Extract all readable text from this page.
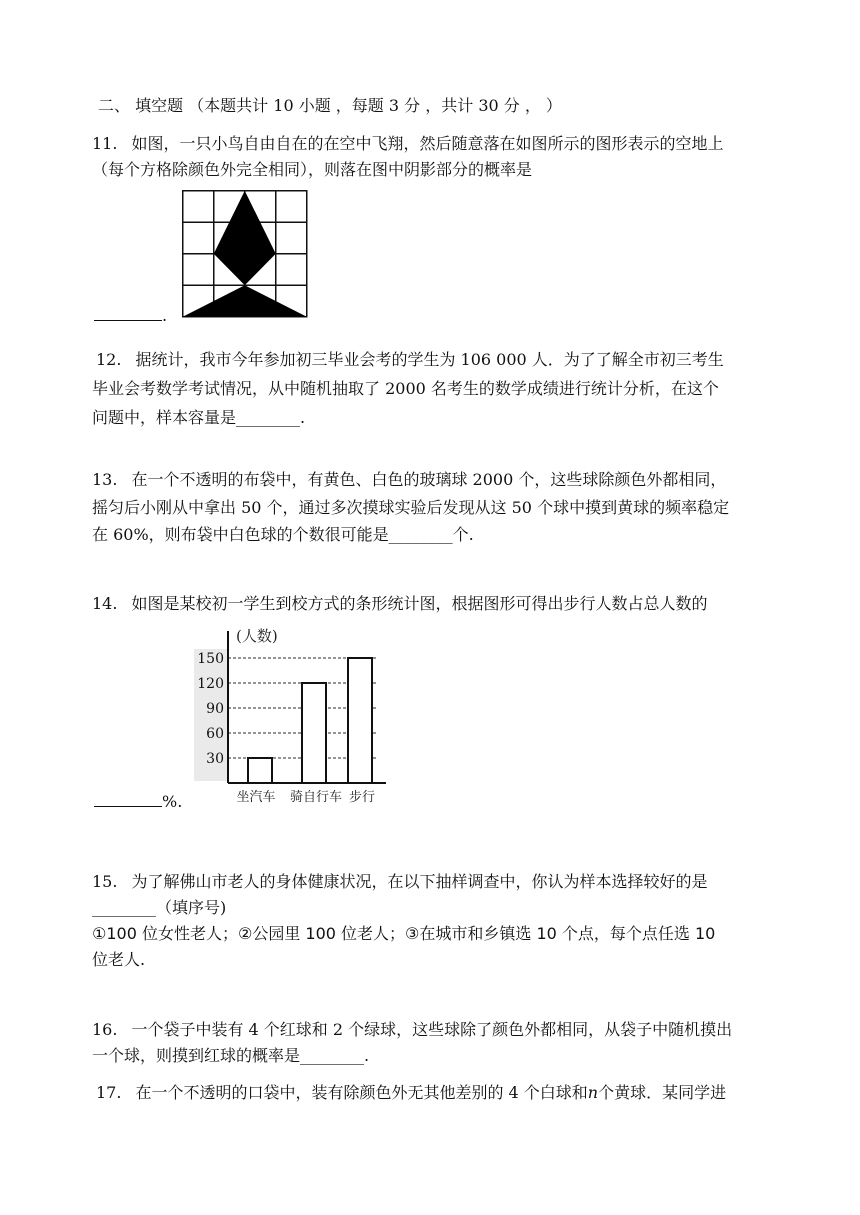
二、 填空题 （本题共计 10 小题 ，每题 3 分 ，共计 30 分 ， ）
11. 如图，一只小鸟自由自在的在空中飞翔，然后随意落在如图所示的图形表示的空地上
（每个方格除颜色外完全相同），则落在图中阴影部分的概率是
.
12. 据统计，我市今年参加初三毕业会考的学生为 106 000 人．为了了解全市初三考生
毕业会考数学考试情况，从中随机抽取了 2000 名考生的数学成绩进行统计分析，在这个
问题中，样本容量是________.
13. 在一个不透明的布袋中，有黄色、白色的玻璃球 2000 个，这些球除颜色外都相同，
摇匀后小刚从中拿出 50 个，通过多次摸球实验后发现从这 50 个球中摸到黄球的频率稳定
在 60%，则布袋中白色球的个数很可能是________个.
14. 如图是某校初一学生到校方式的条形统计图，根据图形可得出步行人数占总人数的
(人数)
30
60
90
120
150
坐汽车 骑自行车 步行
%.
15. 为了解佛山市老人的身体健康状况，在以下抽样调查中，你认为样本选择较好的是
________（填序号)
①100 位女性老人；②公园里 100 位老人；③在城市和乡镇选 10 个点，每个点任选 10
位老人.
16. 一个袋子中装有 4 个红球和 2 个绿球，这些球除了颜色外都相同，从袋子中随机摸出
一个球，则摸到红球的概率是________.
17. 在一个不透明的口袋中，装有除颜色外无其他差别的 4 个白球和𝑛个黄球．某同学进
